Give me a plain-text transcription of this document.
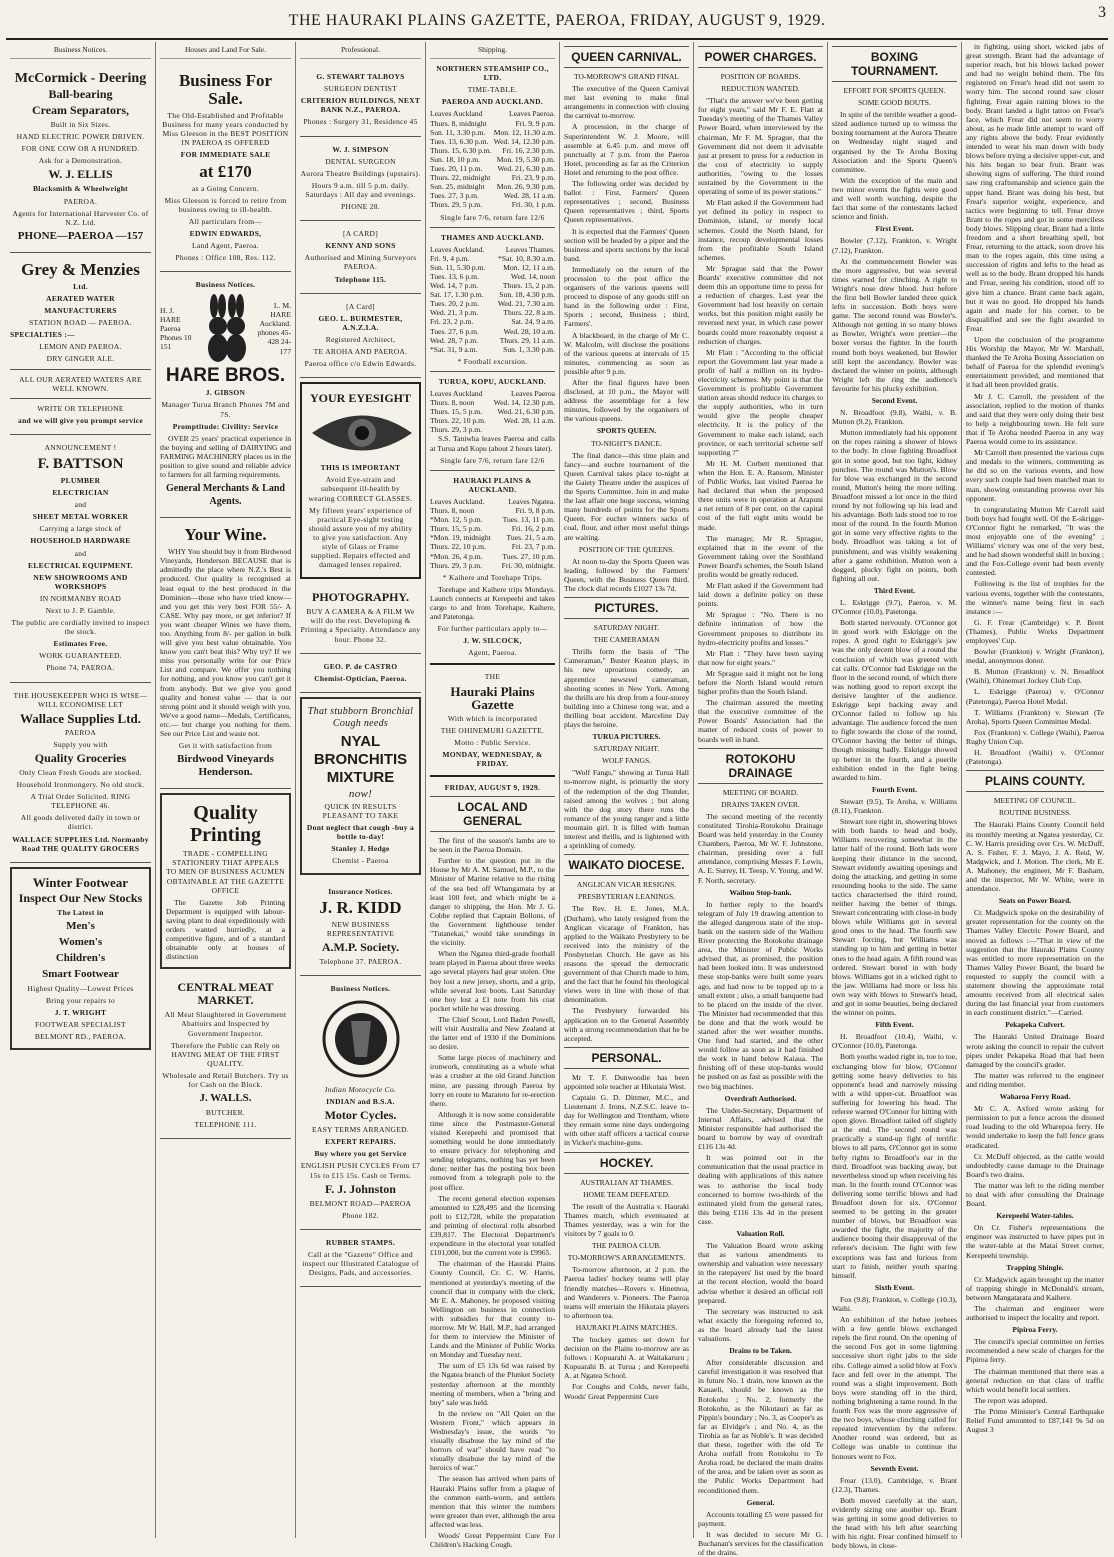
THE HAURAKI PLAINS GAZETTE, PAEROA, FRIDAY, AUGUST 9, 1929.	3
Business Notices.
McCormick - Deering
Ball-bearing
Cream Separators,
Built in Six Sizes.
HAND ELECTRIC POWER DRIVEN.
FOR ONE COW OR A HUNDRED.
Ask for a Demonstration.
W. J. ELLIS
Blacksmith & Wheelwright
PAEROA.
Agents for International Harvester Co. of N.Z. Ltd.
PHONE—PAEROA —157
Grey & Menzies
Ltd.
AERATED WATER
MANUFACTURERS
STATION ROAD — PAEROA.
SPECIALTIES :—
LEMON AND PAEROA.
DRY GINGER ALE.
ALL OUR AERATED WATERS ARE WELL KNOWN.
WRITE OR TELEPHONE
and we will give you prompt service
ANNOUNCEMENT !
F. BATTSON
PLUMBER
ELECTRICIAN
and
SHEET METAL WORKER
Carrying a large stock of
HOUSEHOLD HARDWARE
and
ELECTRICAL EQUIPMENT.
NEW SHOWROOMS AND WORKSHOPS
IN NORMANBY ROAD
Next to J. P. Gamble.
The public are cordially invited to inspect the stock.
Estimates Free.
WORK GUARANTEED.
Phone 74, PAEROA.
THE HOUSEKEEPER WHO IS WISE— WILL ECONOMISE LET
Wallace Supplies Ltd.
PAEROA
Supply you with
Quality Groceries
Only Clean Fresh Goods are stocked.
Household Ironmongery. No old stock.
A Trial Order Solicited. RING TELEPHONE 46.
All goods delivered daily in town or district.
WALLACE SUPPLIES Ltd. Normanby Road THE QUALITY GROCERS
Winter Footwear
Inspect Our New Stocks
The Latest in
Men's
Women's
Children's
Smart Footwear
Highest Quality—Lowest Prices
Bring your repairs to
J. T. WRIGHT
FOOTWEAR SPECIALIST
BELMONT RD., PAEROA.
Houses and Land For Sale.
Business For Sale.
The Old-Established and Profitable Business for many years conducted by Miss Gleeson in the BEST POSITION IN PAEROA IS OFFERED
FOR IMMEDIATE SALE
at £170
as a Going Concern.
Miss Gleeson is forced to retire from business owing to ill-health.
All particulars from—
EDWIN EDWARDS,
Land Agent, Paeroa.
Phones : Office 108, Res. 112.
Business Notices.
H. J. HARE Paeroa Phones 10 151
L. M. HARE Auckland. phones 45-428 24-177
HARE BROS.
J. GIBSON
Manager Turua Branch Phones 7M and 7S.
Promptitude: Civility: Service
OVER 25 years' practical experience in the buying and selling of DAIRYING and FARMING MACHINERY places us in the position to give sound and reliable advice to farmers for all farming requirements.
General Merchants & Land Agents.
Your Wine.
WHY You should buy it from Birdwood Vineyards, Henderson BECAUSE that is admittedly the place where N.Z.'s Best is produced. Our quality is recognised at least equal to the best produced in the Dominion—those who have tried know—and you get this very best FOR 55/- A CASE. Why pay more, or get inferior? If you want cheaper Wines we have them, too. Anything from 8/- per gallon in bulk will give you best value obtainable. You know you can't beat this? Why try? If we miss you personally write for our Price List and compare. We offer you nothing for nothing, and you know you can't get it from anybody. But we give you good quality and honest value — that is our strong point and it should weigh with you. We've a good name—Medals, Certificates, etc.— but charge you nothing for them. See our Price List and waste not.
Get it with satisfaction from
Birdwood Vineyards Henderson.
Quality Printing
TRADE - COMPELLING STATIONERY THAT APPEALS TO MEN OF BUSINESS ACUMEN OBTAINABLE AT THE GAZETTE OFFICE
The Gazette Job Printing Department is equipped with labour-saving plant to deal expeditiously with orders wanted hurriedly, at a competitive figure, and of a standard obtainable only at houses of distinction
CENTRAL MEAT MARKET.
All Meat Slaughtered in Government Abattoirs and Inspected by Government Inspector.
Therefore the Public can Rely on HAVING MEAT OF THE FIRST QUALITY.
Wholesale and Retail Butchers. Try us for Cash on the Block.
J. WALLS.
BUTCHER.
TELEPHONE 111.
Professional.
G. STEWART TALBOYS
SURGEON DENTIST
CRITERION BUILDINGS. NEXT BANK N.Z., PAEROA.
Phones : Surgery 31, Residence 45
W. J. SIMPSON
DENTAL SURGEON
Aurora Theatre Buildings (upstairs).
Hours 9 a.m. till 5 p.m. daily. Saturdays : All day and evenings.
PHONE 28.
[A CARD]
KENNY AND SONS
Authorised and Mining Surveyors PAEROA.
Telephone 115.
[A Card]
GEO. L. BURMESTER, A.N.Z.I.A.
Registered Architect,
TE AROHA AND PAEROA.
Paeroa office c/o Edwin Edwards.
YOUR EYESIGHT
THIS IS IMPORTANT
Avoid Eye-strain and subsequent ill-health by wearing CORRECT GLASSES.
My fifteen years' experience of practical Eye-sight testing should assure you of my ability to give you satisfaction. Any style of Glass or Frame supplied. Repairs effected and damaged lenses repaired.
PHOTOGRAPHY.
BUY A CAMERA & A FILM We will do the rest. Developing & Printing a Specialty. Attendance any hour. Phone 32.
GEO. P. de CASTRO
Chemist-Optician, Paeroa.
That stubborn Bronchial Cough needs
NYAL BRONCHITIS MIXTURE
now!
QUICK IN RESULTS PLEASANT TO TAKE
Dont neglect that cough -buy a bottle to-day!
Stanley J. Hedge
Chemist - Paeroa
Insurance Notices.
J. R. KIDD
NEW BUSINESS REPRESENTATIVE
A.M.P. Society.
Telephone 37. PAEROA.
Business Notices.
Indian Motocycle Co.
INDIAN and B.S.A.
Motor Cycles.
EASY TERMS ARRANGED.
EXPERT REPAIRS.
Buy where you get Service
ENGLISH PUSH CYCLES From £7 15s to £15 15s. Cash or Terms.
F. J. Johnston
BELMONT ROAD—PAEROA
Phone 182.
RUBBER STAMPS.
Call at the "Gazette" Office and inspect our Illustrated Catalogue of Designs, Pads, and accessories.
Shipping.
NORTHERN STEAMSHIP CO., LTD.
TIME-TABLE.
PAEROA AND AUCKLAND.
Leaves Auckland	Leaves Paeroa.
Thurs. 8, midnight	Fri. 9, 9 p.m.
Sun. 11, 3.30 p.m. Mon. 12, 11.30 a.m.
Tues. 13, 6.30 p.m. Wed. 14, 12.30 p.m.
Thurs. 15, 6.30 p.m. Fri. 16, 2.30 p.m.
Sun. 18, 10 p.m. Mon. 19, 5.30 p.m.
Tues. 20, 11 p.m. Wed. 21, 6.30 p.m.
Thurs. 22, midnight	Fri. 23, 9 p.m.
Sun. 25, midnight Mon. 26, 9.30 p.m.
Tues. 27, 3 p.m.	Wed. 28, 11 a.m.
Thurs. 29, 5 p.m.	Fri. 30, 1 p.m.
Single fare 7/6, return fare 12/6
THAMES AND AUCKLAND.
Leaves Auckland.	Leaves Thames.
Fri. 9, 4 p.m.	*Sat. 10, 8.30 a.m.
Sun. 11, 5.30 p.m. Mon. 12, 11 a.m.
Tues. 13, 6 p.m.	Wed. 14, noon
Wed. 14, 7 p.m.	Thurs. 15, 2 p.m.
Sat. 17, 1.30 p.m. Sun. 18, 4.30 p.m.
Tues. 20, 2 p.m. Wed. 21, 7.30 a.m.
Wed. 21, 3 p.m.	Thurs. 22, 8 a.m.
Fri. 23, 2 p.m.	Sat. 24, 9 a.m.
Tues. 27, 6 p.m.	Wed. 28, 10 a.m.
Wed. 28, 7 p.m.	Thurs. 29, 11 a.m.
*Sat. 31, 9 a.m.	Sun. 1, 3.30 p.m.
* Football excursion.
TURUA, KOPU, AUCKLAND.
Leaves Auckland	Leaves Paeroa
Thurs. 8, noon	Wed. 14, 12.30 p.m.
Thurs. 15, 5 p.m. Wed. 21, 6.30 p.m.
Thurs. 22, 10 p.m. Wed. 28, 11 a.m.
Thurs. 29, 3 p.m.
S.S. Taniwha leaves Paeroa and calls at Turua and Kopu (about 2 hours later).
Single fare 7/6, return fare 12/6
HAURAKI PLAINS & AUCKLAND.
Leaves Auckland.	Leaves Ngatea.
Thurs. 8, noon	Fri. 9, 8 p.m.
*Mon. 12, 5 p.m.	Tues. 13, 11 p.m.
Thurs. 15, 5 p.m.	Fri. 16, 2 p.m.
*Mon. 19, midnight Tues. 21, 5 a.m.
Thurs. 22, 10 p.m.	Fri. 23, 7 p.m.
*Mon. 26, 4 p.m.	Tues. 27, 10 p.m.
Thurs. 29, 3 p.m.	Fri. 30, midnight.
* Kaihere and Torehape Trips.
Torehape and Kaihere trips Mondays. Launch connects at Kerepeehi and takes cargo to and from Torehape, Kaihere, and Patetonga.
For further particulars apply to—
J. W. SILCOCK,
Agent, Paeroa.
THE
Hauraki Plains Gazette
With which is incorporated
THE OHINEMURI GAZETTE.
Motto : Public Service.
MONDAY, WEDNESDAY, & FRIDAY.
FRIDAY, AUGUST 9, 1929.
LOCAL AND GENERAL
The first of the season's lambs are to be seen in the Paeroa Domain.
Further to the question put in the House by Mr A. M. Samuel, M.P., to the Minister of Marine relative to the rising of the sea bed off Whangamata by at least 100 feet, and which might be a danger to shipping, the Hon. Mr J. G. Cobbe replied that Captain Bollons, of the Government lighthouse tender "Tutanekai," would take soundings in the vicinity.
When the Ngatea third-grade football team played in Paeroa about three weeks ago several players had gear stolen. One boy lost a new jersey, shorts, and a grip, while several lost boots. Last Saturday one boy lost a £1 note from his coat pocket while he was dressing.
The Chief Scout, Lord Baden Powell, will visit Australia and New Zealand at the latter end of 1930 if the Dominions so desire.
Some large pieces of machinery and ironwork, constituting as a whole what was a crusher at the old Grand Junction mine, are passing through Paeroa by lorry en route to Maratoto for re-erection there.
Although it is now some considerable time since the Postmaster-General visited Kerepeehi and promised that something would be done immediately to ensure privacy for telephoning and sending telegrams, nothing has yet been done; neither has the posting box been removed from a telegraph pole to the post office.
The recent general election expenses amounted to £28,495 and the licensing poll to £12,728, while the preparation and printing of electoral rolls absorbed £39,817. The Electoral Department's expenditure in the electoral year totalled £101,000, but the current vote is £9965.
The chairman of the Hauraki Plains County Council, Cr. C. W. Harris, mentioned at yesterday's meeting of the council that in company with the clerk, Mr E. A. Mahoney, he proposed visiting Wellington on business in connection with subsidies for that county to-morrow. Mr W. Hall, M.P., had arranged for them to interview the Minister of Lands and the Minister of Public Works on Monday and Tuesday next.
The sum of £5 13s 6d was raised by the Ngatea branch of the Plunket Society yesterday afternoon at the monthly meeting of members, when a "bring and buy" sale was held.
In the review on "All Quiet on the Western Front," which appears in Wednesday's issue, the words "to visually disabuse the lay mind of the horrors of war" should have read "to visually disabuse the lay mind of the heroics of war."
The season has arrived when parts of Hauraki Plains suffer from a plague of the common earth-worm, and settlers mention that this winter the numbers were greater than ever, although the area affected was less.
Woods' Great Peppermint Cure For Children's Hacking Cough.
QUEEN CARNIVAL.
TO-MORROW'S GRAND FINAL
The executive of the Queen Carnival met last evening to make final arrangements in connection with closing the carnival to-morrow.
A procession, in the charge of Superintendent W. J. Moore, will assemble at 6.45 p.m. and move off punctually at 7 p.m. from the Paeroa Hotel, proceeding as far as the Criterion Hotel and returning to the post office.
The following order was decided by ballot : First, Farmers' Queen representatives ; second, Business Queen representatives ; third, Sports Queen representatives.
It is expected that the Farmers' Queen section will be headed by a piper and the business and sports sections by the local band.
Immediately on the return of the procession to the post office the organisers of the various queens will proceed to dispose of any goods still on hand in the following order : First, Sports ; second, Business ; third, Farmers'.
A blackboard, in the charge of Mr C. W. Malcolm, will disclose the positions of the various queens at intervals of 15 minutes, commencing as soon as possible after 9 p.m.
After the final figures have been disclosed, at 10 p.m., the Mayor will address the assemblage for a few minutes, followed by the organisers of the various queens.
SPORTS QUEEN.
TO-NIGHT'S DANCE.
The final dance—this time plain and fancy—and euchre tournament of the Queen Carnival takes place to-night at the Gaiety Theatre under the auspices of the Sports Committee. Join in and make the last affair one huge success, winning many hundreds of points for the Sports Queen. For euchre winners sacks of coal, flour, and other most useful things are waiting.
POSITION OF THE QUEENS.
At noon to-day the Sports Queen was leading, followed by the Farmers' Queen, with the Business Queen third. The clock dial records £1027 13s 7d.
PICTURES.
SATURDAY NIGHT.
THE CAMERAMAN
Thrills form the basis of "The Cameraman," Buster Keaton plays, in his new uproarious comedy, an apprentice newsreel cameraman, shooting scenes in New York. Among the thrills are his drop from a four-storey building into a Chinese tong war, and a thrilling boat accident. Marceline Day plays the heroine.
TURUA PICTURES.
SATURDAY NIGHT.
WOLF FANGS.
"Wolf Fangs," showing at Turua Hall to-morrow night, is primarily the story of the redemption of the dog Thunder, raised among the wolves ; but along with the dog story there runs the romance of the young ranger and a little mountain girl. It is filled with human interest and thrills, and is lightened with a sprinkling of comedy.
WAIKATO DIOCESE.
ANGLICAN VICAR RESIGNS.
PRESBYTERIAN LEANINGS.
The Rev. H. E. Jones, M.A. (Durham), who lately resigned from the Anglican vicarage of Frankton, has applied to the Waikato Presbytery to be received into the ministry of the Presbyterian Church. He gave as his reasons the spread the democratic government of that Church made to him, and the fact that he found his theological views were in line with those of that denomination.
The Presbytery forwarded his application on to the General Assembly with a strong recommendation that he be accepted.
PERSONAL.
Mr T. F. Dunwoodie has been appointed sole teacher at Hikutaia West.
Captain G. D. Dittmer, M.C., and Lieutenant J. Irons, N.Z.S.C. leave to-day for Wellington and Trentham, where they remain some nine days undergoing with other staff officers a tactical course in Vicker's machine-guns.
HOCKEY.
AUSTRALIAN AT THAMES.
HOME TEAM DEFEATED.
The result of the Australia v. Hauraki Thames match, which eventuated at Thames yesterday, was a win for the visitors by 7 goals to 0.
THE PAEROA CLUB.
TO-MORROW'S ARRANGEMENTS.
To-morrow afternoon, at 2 p.m. the Paeroa ladies' hockey teams will play friendly matches—Rovers v. Hinemoa, and Wanderers v. Pioneers. The Paeroa teams will entertain the Hikutaia players to afternoon tea.
HAURAKI PLAINS MATCHES.
The hockey games set down for decision on the Plains to-morrow are as follows : Kopuarahi A. at Waitakaruru ; Kopuarahi B. at Turua ; and Kerepeehi A. at Ngatea School.
For Coughs and Colds, never fails, Woods' Great Peppermint Cure
POWER CHARGES.
POSITION OF BOARDS.
REDUCTION WANTED.
"That's the answer we've been getting for eight years," said Mr F. E. Flatt at Tuesday's meeting of the Thames Valley Power Board, when interviewed by the chairman, Mr F. M. Sprague, that the Government did not deem it advisable just at present to press for a reduction in the cost of electricity to supply authorities, "owing to the losses sustained by the Government in the operating of some of its power stations."
Mr Flatt asked if the Government had yet defined its policy in respect to Dominion, island, or merely local schemes. Could the North Island, for instance, recoup developmental losses from the profitable South Island schemes.
Mr Sprague said that the Power Boards' executive committee did not deem this an opportune time to press for a reduction of charges. Last year the Government had lost heavily on certain works, but this position might easily be reversed next year, in which case power boards could more reasonably request a reduction of charges.
Mr Flatt : "According to the official report the Government last year made a profit of half a million on its hydro-electricity schemes. My point is that the Government is profitable Government station areas should reduce its charges to the supply authorities, who in turn would give the people cheaper electricity. It is the policy of the Government to make each island, each province, or each territorial scheme self supporting ?"
Mr H. M. Corbett mentioned that when the Hon. E. A. Ransom, Minister of Public Works, last visited Paeroa he had declared that when the proposed three units were in operation at Arapuni a net return of 8 per cent. on the capital cost of the full eight units would be made.
The manager, Mr R. Sprague, explained that in the event of the Government taking over the Southland Power Board's schemes, the South Island profits would be greatly reduced.
Mr Flatt asked if the Government had laid down a definite policy on these points.
Mr Sprague : "No. There is no definite intimation of how the Government proposes to distribute its hydro-electricity profits and losses."
Mr Flatt : "They have been saying that now for eight years."
Mr Sprague said it might not be long before the North Island would return higher profits than the South Island.
The chairman assured the meeting that the executive committee of the Power Boards' Association had the matter of reduced costs of power to boards well in hand.
ROTOKOHU DRAINAGE
MEETING OF BOARD.
DRAINS TAKEN OVER.
The second meeting of the recently constituted Tirohia-Rotokohu Drainage Board was held yesterday in the County Chambers, Paeroa, Mr W. F. Johnstone, chairman, presiding over a full attendance, comprising Messrs F. Lewis, A. E. Surrey, H. Teesp, V. Young, and W. F. North, secretary.
Waihou Stop-bank.
In further reply to the board's telegram of July 19 drawing attention to the alleged dangerous state of the stop-bank on the eastern side of the Waihou River protecting the Rotokohu drainage area, the Minister of Public Works advised that, as promised, the position had been looked into. It was understood these stop-banks were built some years ago, and had now to be topped up to a small extent ; also, a small banquette had to be placed on the inside of the river. The Minister had recommended that this be done and that the work would be started after the wet weather months. One fund had started, and the other would follow as soon as it had finished the work in hand below Kaiaua. The finishing off of these stop-banks would be pushed on as fast as possible with the two big machines.
Overdraft Authorised.
The Under-Secretary, Department of Internal Affairs, advised that the Minister responsible had authorised the board to borrow by way of overdraft £116 13s 4d.
It was pointed out in the communication that the usual practice in dealing with applications of this nature was to authorise the local body concerned to borrow two-thirds of the estimated yield from the general rates, this being £116 13s 4d in the present case.
Valuation Roll.
The Valuation Board wrote asking that as various amendments to ownership and valuation were necessary in the ratepayers' list used by the board at the recent election, would the board advise whether it desired an official roll prepared.
The secretary was instructed to ask what exactly the foregoing referred to, as the board already had the latest valuations.
Drains to be Taken.
After considerable discussion and careful investigation it was resolved that in future No. 1 drain, now known as the Kauaeli, should be known as the Rotokohu ; No. 2, formerly the Rotokohu, as the Nikutauri as far as Pippin's boundary ; No. 3, as Cooper's as far as Elvidge's ; and No. 4, as the Tirohia as far as Noble's. It was decided that these, together with the old Te Aroha outfall from Rotokohu to Te Aroha road, be declared the main drains of the area, and be taken over as soon as the Public Works Department had reconditioned them.
General.
Accounts totalling £5 were passed for payment.
It was decided to secure Mr G. Buchanan's services for the classification of the drains.
BOXING TOURNAMENT.
EFFORT FOR SPORTS QUEEN.
SOME GOOD BOUTS.
In spite of the terrible weather a good-sized audience turned up to witness the boxing tournament at the Aurora Theatre on Wednesday night staged and organised by the Te Aroha Boxing Association and the Sports Queen's committee.
With the exception of the main and two minor events the fights were good and well worth watching, despite the fact that some of the contestants lacked science and finish.
First Event.
Bowler (7.12), Frankton, v. Wright (7.12), Frankton.
At the commencement Bowler was the more aggressive, but was several times warned for clinching. A right to Wright's nose drew blood. Just before the first bell Bowler landed three quick lefts in succession. Both boys were game. The second round was Bowler's. Although not getting in so many blows as Bowler, Wright's were prettier—the boxer versus the fighter. In the fourth round both boys weakened, but Bowler still kept the ascendancy. Bowler was declared the winner on points, although Wright left the ring the audience's favourite for his plucky exhibition.
Second Event.
N. Broadfoot (9.8), Waihi, v. B. Mutton (9.2), Frankton.
Mutton immediately had his opponent on the ropes raining a shower of blows to the body. In close fighting Broadfoot got in some good, but too light, kidney punches. The round was Mutton's. Blow for blow was exchanged in the second round, Mutton's being the more telling. Broadfoot missed a lot once in the third round by not following up his lead and his advantage. Both lads stood toe to toe most of the round. In the fourth Mutton got in some very effective rights to the body. Broadfoot was taking a lot of punishment, and was visibly weakening after a game exhibition. Mutton won a dogged, plucky fight on points, both fighting all out.
Third Event.
L. Eskrigge (9.7), Paeroa, v. M. O'Connor (10.0), Patetonga.
Both started nervously. O'Connor got in good work with Eskrigge on the ropes. A good right to Eskrigge's jaw was the only decent blow of a round the conclusion of which was greeted with cat calls. O'Connor had Eskrigge on the floor in the second round, of which there was nothing good to report except the derisive laughter of the audience. Eskrigge kept backing away and O'Connor failed to follow up his advantage. The audience forced the men to fight towards the close of the round, O'Connor having the better of things, though missing badly. Eskrigge showed up better in the fourth, and a puerile exhibition ended in the fight being awarded to him.
Fourth Event.
Stewart (9.5), Te Aroha, v. Williams (8.11), Frankton.
Stewart tore right in, showering blows with both hands to head and body, Williams recovering somewhat in the latter half of the round. Both lads were keeping their distance in the second, Stewart evidently awaiting openings and doing the attacking, and getting in some resounding hooks to the side. The same tactics characterised the third round, neither having the better of things. Stewart concentrating with close-in body blows while Williams got in several good ones to the head. The fourth saw Stewart forcing, but Williams was standing up to him and getting in better ones to the head again. A fifth round was ordered. Stewart bored in with body blows. Williams got in a wicked right to the jaw. Williams had more or less his own way with blows to Stewart's head, and got in some beauties, being declared the winner on points.
Fifth Event.
H. Broadfoot (10.4), Waihi, v. O'Connor (10.0), Patetonga.
Both youths waded right in, toe to toe, exchanging blow for blow, O'Connor getting some heavy deliveries to his opponent's head and narrowly missing with a wild upper-cut. Broadfoot was suffering for lowering his head. The referee warned O'Connor for hitting with open glove. Broadfoot tailed off slightly at the end. The second round was practically a stand-up fight of terrific blows to all parts, O'Connor got in some hefty rights to Broadfoot's ear in the third. Broadfoot was backing away, but nevertheless stood up when receiving his man. In the fourth round O'Connor was delivering some terrific blows and had Broadfoot down for six. O'Connor seemed to be getting in the greater number of blows, but Broadfoot was awarded the fight, the majority of the audience booing their disapproval of the referee's decision. The fight with few exceptions was fast and furious from start to finish, neither youth sparing himself.
Sixth Event.
Fox (9.8), Frankton, v. College (10.3), Waihi.
An exhibition of the hebee jeebees with a few gentle blows exchanged repels the first round. On the opening of the second Fox got in some lightning successive short right jabs to the side ribs. College aimed a solid blow at Fox's face and fell over in the attempt. The round was a slight improvement. Both boys were standing off in the third, nothing brightening a tame round. In the fourth Fox was the more aggressive of the two boys, whose clinching called for repeated intervention by the referee. Another round was ordered, but as College was unable to continue the honours went to Fox.
Seventh Event.
Frear (13.0), Cambridge, v. Brant (12.3), Thames.
Both moved carefully at the start, evidently sizing one another up. Brant was getting in some good deliveries to the head with his left after searching with his right. Frear confined himself to body blows, in close-
in fighting, using short, wicked jabs of great strength. Brant had the advantage of superior reach, but his blows lacked power and had no weight behind them. The fits registered on Frear's head did not seem to worry him. The second round saw closer fighting, Frear again raining blows to the body. Brant landed a light tattoo on Frear's face, which Frear did not seem to worry about, as he made little attempt to ward off any rights above the body. Frear evidently intended to wear his man down with body blows before trying a decisive upper-cut, and his hits began to bear fruit. Brant was showing signs of suffering. The third round saw ring craftsmanship and science gain the upper hand. Brant was doing his best, but Frear's superior weight, experience, and tactics were beginning to tell. Frear drove Brant to the ropes and got in some merciless body blows. Slipping clear, Brant had a little freedom and a short breathing spell, but Frear, returning to the attack, soon drove his man to the ropes again, this time using a succession of rights and lefts to the head as well as to the body. Brant dropped his hands and Frear, seeing his condition, stood off to give him a chance. Brant came back again, but it was no good. He dropped his hands again and made for his corner, to be disqualified and see the fight awarded to Frear.
Upon the conclusion of the programme His Worship the Mayor, Mr W. Marshall, thanked the Te Aroha Boxing Association on behalf of Paeroa for the splendid evening's entertainment provided, and mentioned that it had all been provided gratis.
Mr J. C. Carroll, the president of the association, replied to the motion of thanks and said that they were only doing their best to help a neighbouring town. He felt sure that if Te Aroha needed Paeroa in any way Paeroa would come to its assistance.
Mr Carroll then presented the various cups and medals to the winners, commenting as he did so on the various events, and how every such couple had been matched man to man, showing outstanding prowess over his opponent.
In congratulating Mutton Mr Carroll said both boys had fought well. Of the E-skrigge-O'Connor fight he remarked, "It was the most enjoyable one of the evening" ; Williams' victory was one of the very best, and he had shown wonderful skill in boxing ; and the Fox-College event had been evenly contested.
Following is the list of trophies for the various events, together with the contestants, the winner's name being first in each instance :—
G. F. Frear (Cambridge) v. P. Brent (Thames), Public Works Department employees' Cup.
Bowler (Frankton) v. Wright (Frankton), medal, anonymous donor.
B. Mutton (Frankton) v. N. Broadfoot (Waihi), Ohinemuri Jockey Club Cup.
L. Eskrigge (Paeroa) v. O'Connor (Patetonga), Paeroa Hotel Medal.
T. Williams (Frankton) v. Stewart (Te Aroha), Sports Queen Committee Medal.
Fox (Frankton) v. College (Waihi), Paeroa Rugby Union Cup.
H. Broadfoot (Waihi) v. O'Connor (Patetonga).
PLAINS COUNTY.
MEETING OF COUNCIL.
ROUTINE BUSINESS.
The Hauraki Plains County Council held its monthly meeting at Ngatea yesterday, Cr. C. W. Harris presiding over Crs. W. McDuff, A. S. Fisher, F. J. Mayo, J. A. Reid, W. Madgwick, and J. Motion. The clerk, Mr E. A. Mahoney, the engineer, Mr F. Basham, and the inspector, Mr W. White, were in attendance.
Seats on Power Board.
Cr. Madgwick spoke on the desirability of greater representation for the county on the Thames Valley Electric Power Board, and moved as follows :—"That in view of the suggestion that the Hauraki Plains County was entitled to more representation on the Thames Valley Power Board, the board be requested to supply the council with a statement showing the approximate total amounts received from all electrical sales during the last financial year from customers in each constituent district."—Carried.
Pekapeka Culvert.
The Hauraki United Drainage Board wrote asking the council to repair the culvert pipes under Pekapeka Road that had been damaged by the council's grader.
The matter was referred to the engineer and riding member.
Waharoa Ferry Road.
Mr C. A. Axford wrote asking for permission to put a fence across the disused road leading to the old Wharepoa ferry. He would undertake to keep the full fence grass eradicated.
Cr. McDuff objected, as the cattle would undoubtedly cause damage to the Drainage Board's two drains.
The matter was left to the riding member to deal with after consulting the Drainage Board.
Kerepeehi Water-tables.
On Cr. Fisher's representations the engineer was instructed to have pipes put in the water-table at the Matai Street corner, Kerepeehi township.
Trapping Shingle.
Cr. Madgwick again brought up the matter of trapping shingle in McDonald's stream, between Mangatarata and Kaihere.
The chairman and engineer were authorised to inspect the locality and report.
Pipiroa Ferry.
The council's special committee on ferries recommended a new scale of charges for the Pipiroa ferry.
The chairman mentioned that there was a general reduction on that class of traffic which would benefit local settlers.
The report was adopted.
The Prime Minister's Central Earthquake Relief Fund amounted to £87,141 9s 5d on August 3
